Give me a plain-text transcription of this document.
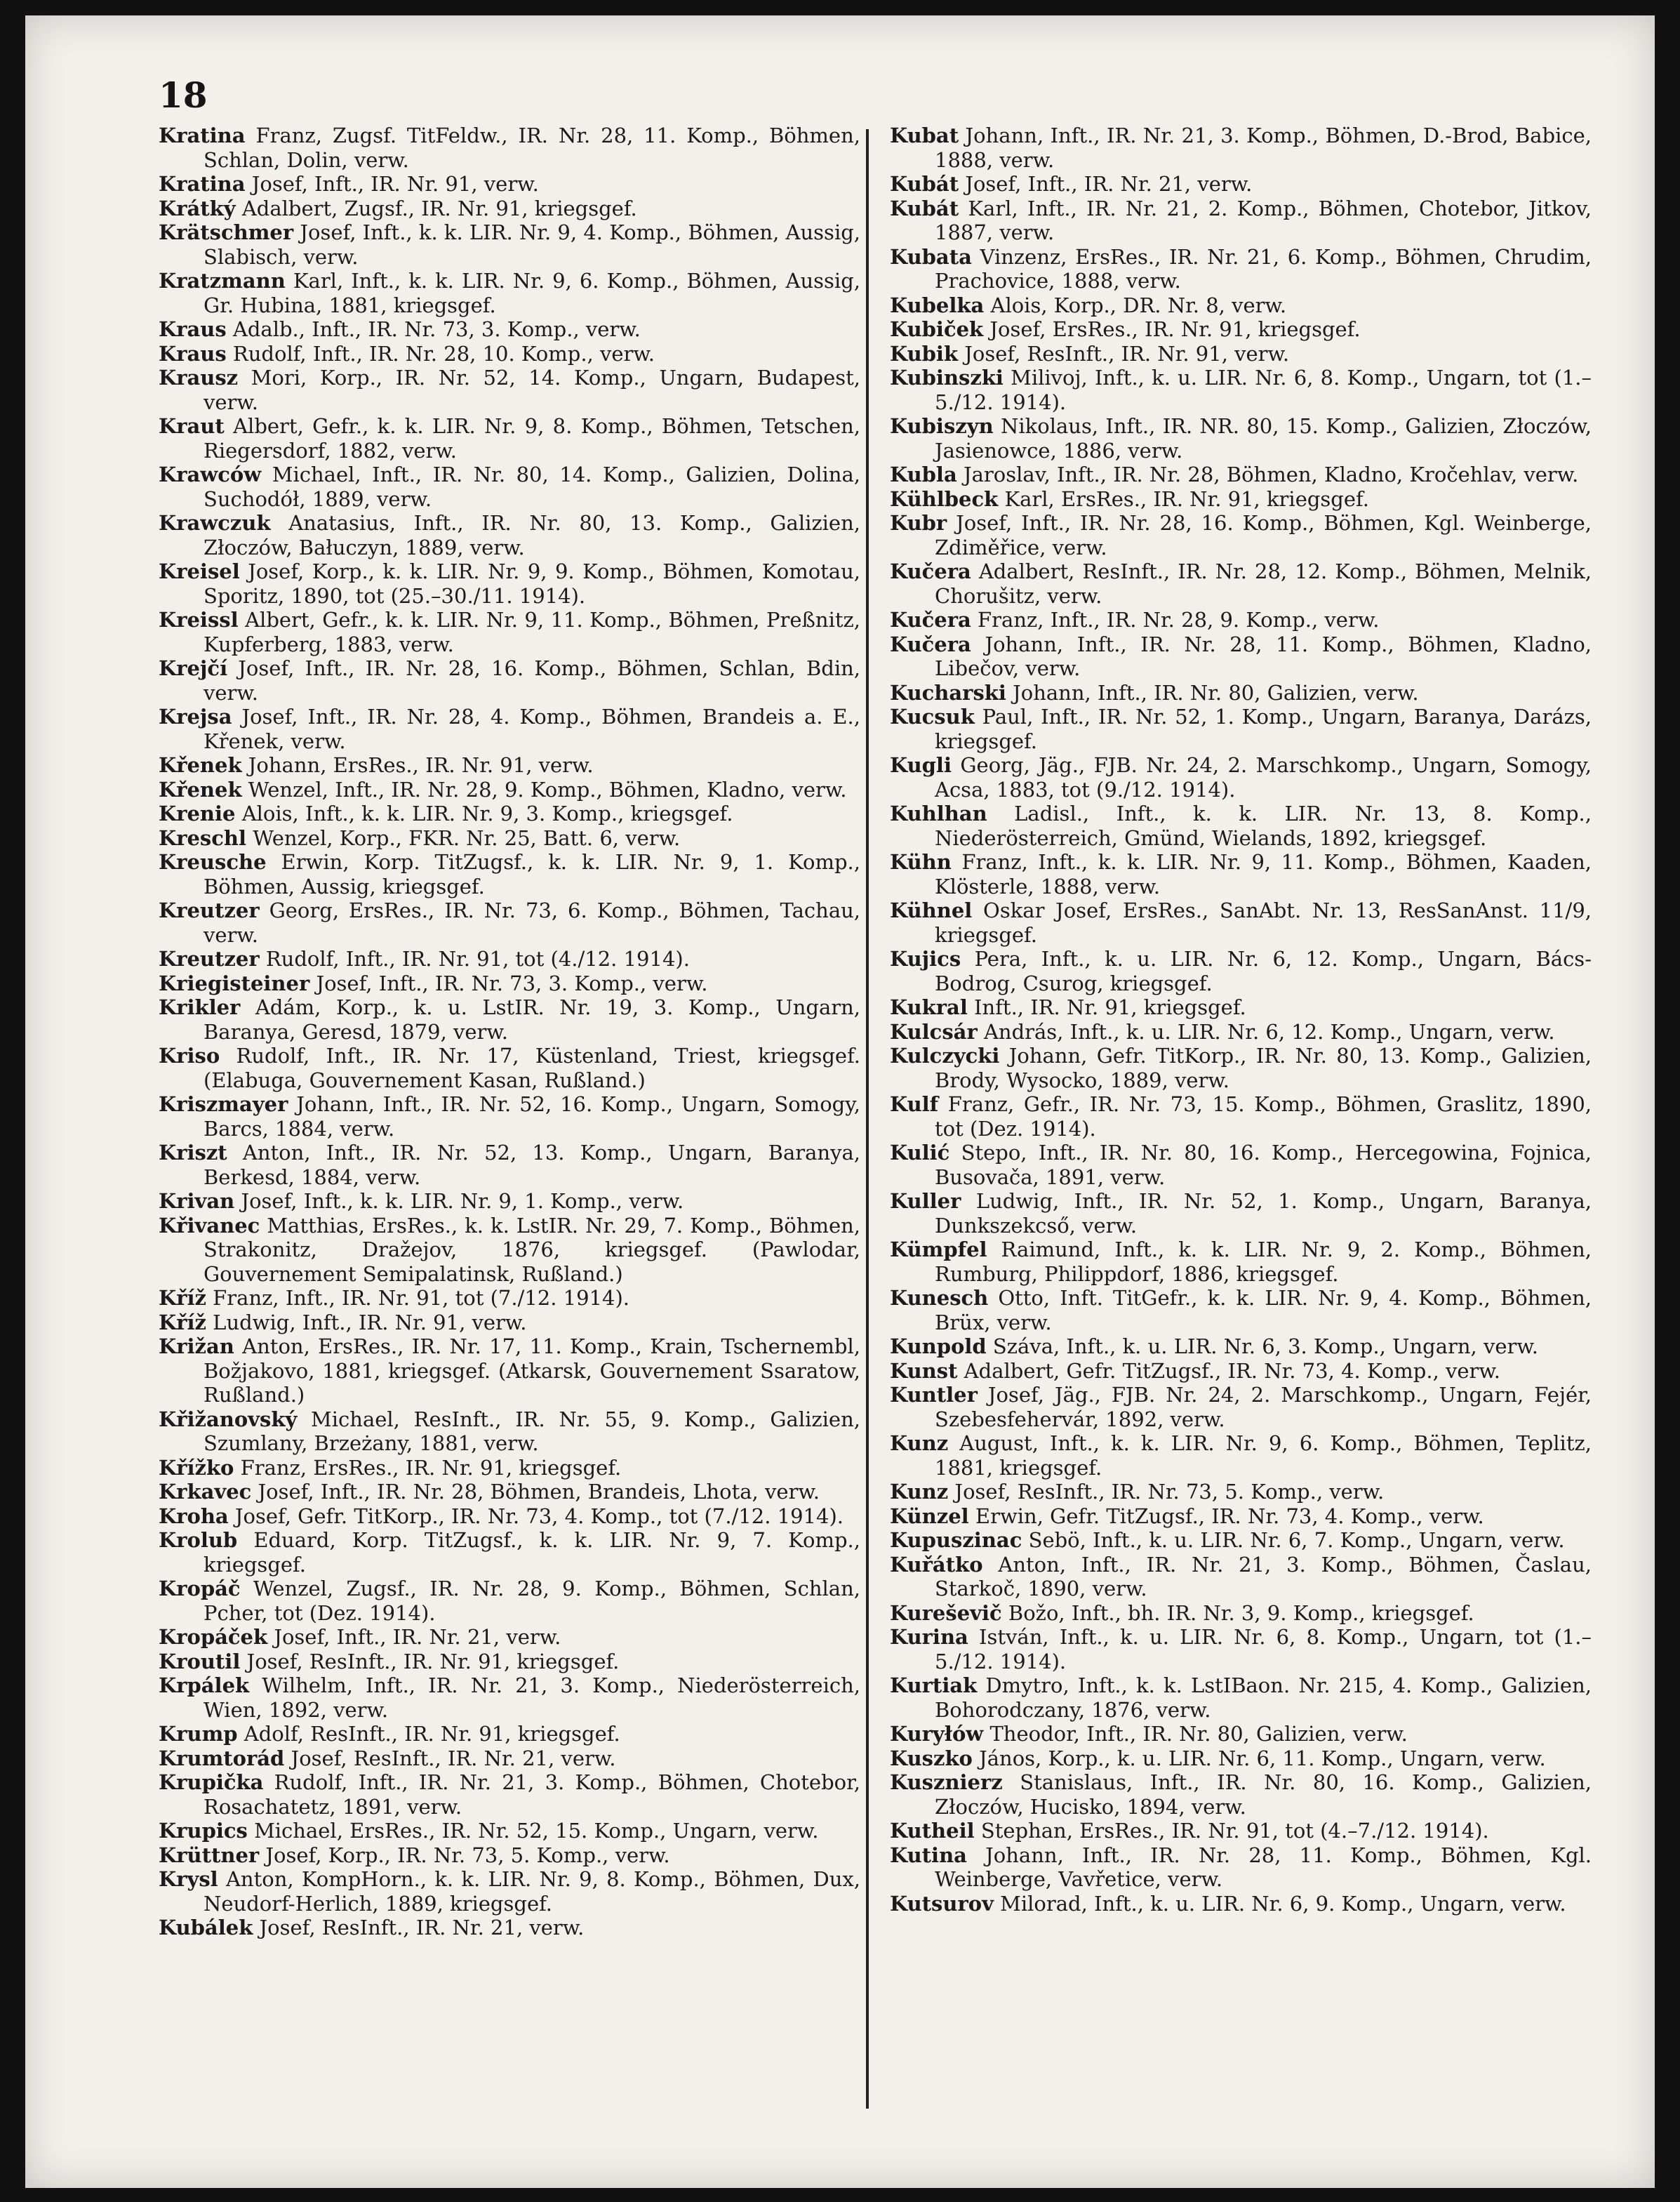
18
Kratina Franz, Zugsf. TitFeldw., IR. Nr. 28, 11. Komp., Böhmen, Schlan, Dolin, verw.
Kratina Josef, Inft., IR. Nr. 91, verw.
Krátký Adalbert, Zugsf., IR. Nr. 91, kriegsgef.
Krätschmer Josef, Inft., k. k. LIR. Nr. 9, 4. Komp., Böhmen, Aussig, Slabisch, verw.
Kratzmann Karl, Inft., k. k. LIR. Nr. 9, 6. Komp., Böhmen, Aussig, Gr. Hubina, 1881, kriegsgef.
Kraus Adalb., Inft., IR. Nr. 73, 3. Komp., verw.
Kraus Rudolf, Inft., IR. Nr. 28, 10. Komp., verw.
Krausz Mori, Korp., IR. Nr. 52, 14. Komp., Ungarn, Budapest, verw.
Kraut Albert, Gefr., k. k. LIR. Nr. 9, 8. Komp., Böhmen, Tetschen, Riegersdorf, 1882, verw.
Krawców Michael, Inft., IR. Nr. 80, 14. Komp., Galizien, Dolina, Suchodół, 1889, verw.
Krawczuk Anatasius, Inft., IR. Nr. 80, 13. Komp., Galizien, Złoczów, Bałuczyn, 1889, verw.
Kreisel Josef, Korp., k. k. LIR. Nr. 9, 9. Komp., Böhmen, Komotau, Sporitz, 1890, tot (25.–30./11. 1914).
Kreissl Albert, Gefr., k. k. LIR. Nr. 9, 11. Komp., Böhmen, Preßnitz, Kupferberg, 1883, verw.
Krejčí Josef, Inft., IR. Nr. 28, 16. Komp., Böhmen, Schlan, Bdin, verw.
Krejsa Josef, Inft., IR. Nr. 28, 4. Komp., Böhmen, Brandeis a. E., Křenek, verw.
Křenek Johann, ErsRes., IR. Nr. 91, verw.
Křenek Wenzel, Inft., IR. Nr. 28, 9. Komp., Böhmen, Kladno, verw.
Krenie Alois, Inft., k. k. LIR. Nr. 9, 3. Komp., kriegsgef.
Kreschl Wenzel, Korp., FKR. Nr. 25, Batt. 6, verw.
Kreusche Erwin, Korp. TitZugsf., k. k. LIR. Nr. 9, 1. Komp., Böhmen, Aussig, kriegsgef.
Kreutzer Georg, ErsRes., IR. Nr. 73, 6. Komp., Böhmen, Tachau, verw.
Kreutzer Rudolf, Inft., IR. Nr. 91, tot (4./12. 1914).
Kriegisteiner Josef, Inft., IR. Nr. 73, 3. Komp., verw.
Krikler Adám, Korp., k. u. LstIR. Nr. 19, 3. Komp., Ungarn, Baranya, Geresd, 1879, verw.
Kriso Rudolf, Inft., IR. Nr. 17, Küstenland, Triest, kriegsgef. (Elabuga, Gouvernement Kasan, Rußland.)
Kriszmayer Johann, Inft., IR. Nr. 52, 16. Komp., Ungarn, Somogy, Barcs, 1884, verw.
Kriszt Anton, Inft., IR. Nr. 52, 13. Komp., Ungarn, Baranya, Berkesd, 1884, verw.
Krivan Josef, Inft., k. k. LIR. Nr. 9, 1. Komp., verw.
Křivanec Matthias, ErsRes., k. k. LstIR. Nr. 29, 7. Komp., Böhmen, Strakonitz, Dražejov, 1876, kriegsgef. (Pawlodar, Gouvernement Semipalatinsk, Rußland.)
Kříž Franz, Inft., IR. Nr. 91, tot (7./12. 1914).
Kříž Ludwig, Inft., IR. Nr. 91, verw.
Križan Anton, ErsRes., IR. Nr. 17, 11. Komp., Krain, Tschernembl, Božjakovo, 1881, kriegsgef. (Atkarsk, Gouvernement Ssaratow, Rußland.)
Křižanovský Michael, ResInft., IR. Nr. 55, 9. Komp., Galizien, Szumlany, Brzeżany, 1881, verw.
Křížko Franz, ErsRes., IR. Nr. 91, kriegsgef.
Krkavec Josef, Inft., IR. Nr. 28, Böhmen, Brandeis, Lhota, verw.
Kroha Josef, Gefr. TitKorp., IR. Nr. 73, 4. Komp., tot (7./12. 1914).
Krolub Eduard, Korp. TitZugsf., k. k. LIR. Nr. 9, 7. Komp., kriegsgef.
Kropáč Wenzel, Zugsf., IR. Nr. 28, 9. Komp., Böhmen, Schlan, Pcher, tot (Dez. 1914).
Kropáček Josef, Inft., IR. Nr. 21, verw.
Kroutil Josef, ResInft., IR. Nr. 91, kriegsgef.
Krpálek Wilhelm, Inft., IR. Nr. 21, 3. Komp., Niederösterreich, Wien, 1892, verw.
Krump Adolf, ResInft., IR. Nr. 91, kriegsgef.
Krumtorád Josef, ResInft., IR. Nr. 21, verw.
Krupička Rudolf, Inft., IR. Nr. 21, 3. Komp., Böhmen, Chotebor, Rosachatetz, 1891, verw.
Krupics Michael, ErsRes., IR. Nr. 52, 15. Komp., Ungarn, verw.
Krüttner Josef, Korp., IR. Nr. 73, 5. Komp., verw.
Krysl Anton, KompHorn., k. k. LIR. Nr. 9, 8. Komp., Böhmen, Dux, Neudorf-Herlich, 1889, kriegsgef.
Kubálek Josef, ResInft., IR. Nr. 21, verw.
Kubat Johann, Inft., IR. Nr. 21, 3. Komp., Böhmen, D.-Brod, Babice, 1888, verw.
Kubát Josef, Inft., IR. Nr. 21, verw.
Kubát Karl, Inft., IR. Nr. 21, 2. Komp., Böhmen, Chotebor, Jitkov, 1887, verw.
Kubata Vinzenz, ErsRes., IR. Nr. 21, 6. Komp., Böhmen, Chrudim, Prachovice, 1888, verw.
Kubelka Alois, Korp., DR. Nr. 8, verw.
Kubiček Josef, ErsRes., IR. Nr. 91, kriegsgef.
Kubik Josef, ResInft., IR. Nr. 91, verw.
Kubinszki Milivoj, Inft., k. u. LIR. Nr. 6, 8. Komp., Ungarn, tot (1.–5./12. 1914).
Kubiszyn Nikolaus, Inft., IR. NR. 80, 15. Komp., Galizien, Złoczów, Jasienowce, 1886, verw.
Kubla Jaroslav, Inft., IR. Nr. 28, Böhmen, Kladno, Kročehlav, verw.
Kühlbeck Karl, ErsRes., IR. Nr. 91, kriegsgef.
Kubr Josef, Inft., IR. Nr. 28, 16. Komp., Böhmen, Kgl. Weinberge, Zdiměřice, verw.
Kučera Adalbert, ResInft., IR. Nr. 28, 12. Komp., Böhmen, Melnik, Chorušitz, verw.
Kučera Franz, Inft., IR. Nr. 28, 9. Komp., verw.
Kučera Johann, Inft., IR. Nr. 28, 11. Komp., Böhmen, Kladno, Libečov, verw.
Kucharski Johann, Inft., IR. Nr. 80, Galizien, verw.
Kucsuk Paul, Inft., IR. Nr. 52, 1. Komp., Ungarn, Baranya, Darázs, kriegsgef.
Kugli Georg, Jäg., FJB. Nr. 24, 2. Marschkomp., Ungarn, Somogy, Acsa, 1883, tot (9./12. 1914).
Kuhlhan Ladisl., Inft., k. k. LIR. Nr. 13, 8. Komp., Niederösterreich, Gmünd, Wielands, 1892, kriegsgef.
Kühn Franz, Inft., k. k. LIR. Nr. 9, 11. Komp., Böhmen, Kaaden, Klösterle, 1888, verw.
Kühnel Oskar Josef, ErsRes., SanAbt. Nr. 13, ResSanAnst. 11/9, kriegsgef.
Kujics Pera, Inft., k. u. LIR. Nr. 6, 12. Komp., Ungarn, Bács-Bodrog, Csurog, kriegsgef.
Kukral Inft., IR. Nr. 91, kriegsgef.
Kulcsár András, Inft., k. u. LIR. Nr. 6, 12. Komp., Ungarn, verw.
Kulczycki Johann, Gefr. TitKorp., IR. Nr. 80, 13. Komp., Galizien, Brody, Wysocko, 1889, verw.
Kulf Franz, Gefr., IR. Nr. 73, 15. Komp., Böhmen, Graslitz, 1890, tot (Dez. 1914).
Kulić Stepo, Inft., IR. Nr. 80, 16. Komp., Hercegowina, Fojnica, Busovača, 1891, verw.
Kuller Ludwig, Inft., IR. Nr. 52, 1. Komp., Ungarn, Baranya, Dunkszekcső, verw.
Kümpfel Raimund, Inft., k. k. LIR. Nr. 9, 2. Komp., Böhmen, Rumburg, Philippdorf, 1886, kriegsgef.
Kunesch Otto, Inft. TitGefr., k. k. LIR. Nr. 9, 4. Komp., Böhmen, Brüx, verw.
Kunpold Száva, Inft., k. u. LIR. Nr. 6, 3. Komp., Ungarn, verw.
Kunst Adalbert, Gefr. TitZugsf., IR. Nr. 73, 4. Komp., verw.
Kuntler Josef, Jäg., FJB. Nr. 24, 2. Marschkomp., Ungarn, Fejér, Szebesfehervár, 1892, verw.
Kunz August, Inft., k. k. LIR. Nr. 9, 6. Komp., Böhmen, Teplitz, 1881, kriegsgef.
Kunz Josef, ResInft., IR. Nr. 73, 5. Komp., verw.
Künzel Erwin, Gefr. TitZugsf., IR. Nr. 73, 4. Komp., verw.
Kupuszinac Sebö, Inft., k. u. LIR. Nr. 6, 7. Komp., Ungarn, verw.
Kuřátko Anton, Inft., IR. Nr. 21, 3. Komp., Böhmen, Časlau, Starkoč, 1890, verw.
Kureševič Božo, Inft., bh. IR. Nr. 3, 9. Komp., kriegsgef.
Kurina István, Inft., k. u. LIR. Nr. 6, 8. Komp., Ungarn, tot (1.–5./12. 1914).
Kurtiak Dmytro, Inft., k. k. LstIBaon. Nr. 215, 4. Komp., Galizien, Bohorodczany, 1876, verw.
Kuryłów Theodor, Inft., IR. Nr. 80, Galizien, verw.
Kuszko János, Korp., k. u. LIR. Nr. 6, 11. Komp., Ungarn, verw.
Kusznierz Stanislaus, Inft., IR. Nr. 80, 16. Komp., Galizien, Złoczów, Hucisko, 1894, verw.
Kutheil Stephan, ErsRes., IR. Nr. 91, tot (4.–7./12. 1914).
Kutina Johann, Inft., IR. Nr. 28, 11. Komp., Böhmen, Kgl. Weinberge, Vavřetice, verw.
Kutsurov Milorad, Inft., k. u. LIR. Nr. 6, 9. Komp., Ungarn, verw.
